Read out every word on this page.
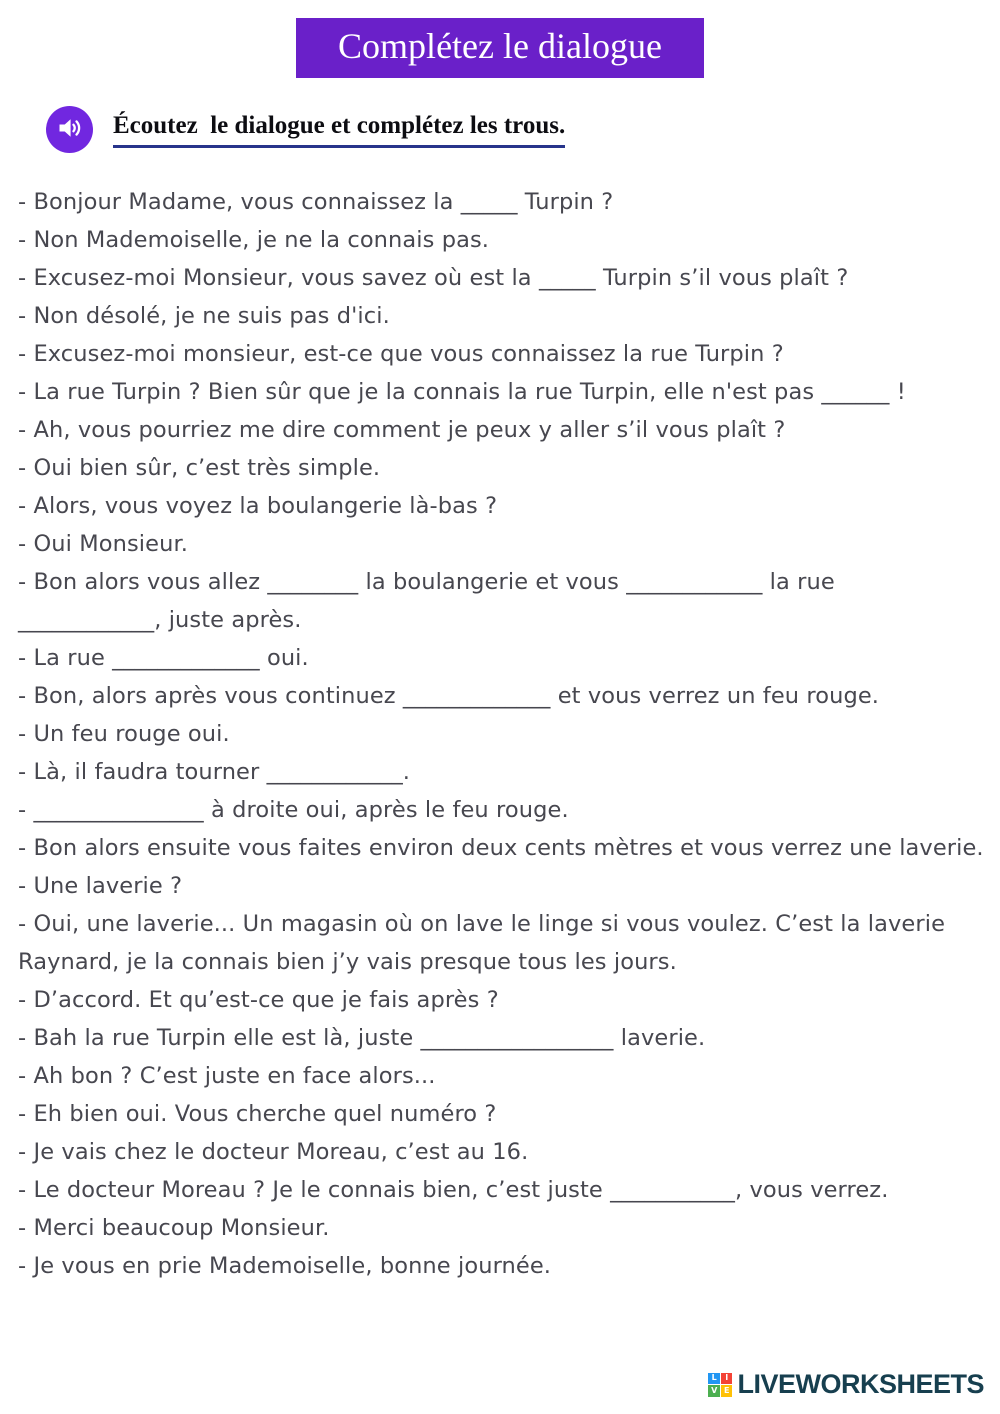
Complétez le dialogue
Écoutez  le dialogue et complétez les trous.

- Bonjour Madame, vous connaissez la _____ Turpin ?

- Non Mademoiselle, je ne la connais pas.

- Excusez-moi Monsieur, vous savez où est la _____ Turpin s’il vous plaît ?

- Non désolé, je ne suis pas d'ici.

- Excusez-moi monsieur, est-ce que vous connaissez la rue Turpin ?

- La rue Turpin ? Bien sûr que je la connais la rue Turpin, elle n'est pas ______ !

- Ah, vous pourriez me dire comment je peux y aller s’il vous plaît ?

- Oui bien sûr, c’est très simple.

- Alors, vous voyez la boulangerie là-bas ?

- Oui Monsieur.

- Bon alors vous allez ________ la boulangerie et vous ____________ la rue ____________, juste après.

- La rue _____________ oui.

- Bon, alors après vous continuez _____________ et vous verrez un feu rouge.

- Un feu rouge oui.

- Là, il faudra tourner ____________.

- _______________ à droite oui, après le feu rouge.

- Bon alors ensuite vous faites environ deux cents mètres et vous verrez une laverie.

- Une laverie ?

- Oui, une laverie... Un magasin où on lave le linge si vous voulez. C’est la laverie Raynard, je la connais bien j’y vais presque tous les jours.

- D’accord. Et qu’est-ce que je fais après ?

- Bah la rue Turpin elle est là, juste _________________ laverie.

- Ah bon ? C’est juste en face alors...

- Eh bien oui. Vous cherche quel numéro ?

- Je vais chez le docteur Moreau, c’est au 16.

- Le docteur Moreau ? Je le connais bien, c’est juste ___________, vous verrez.

- Merci beaucoup Monsieur.

- Je vous en prie Mademoiselle, bonne journée.

L	I
V E LIVEWORKSHEETS
